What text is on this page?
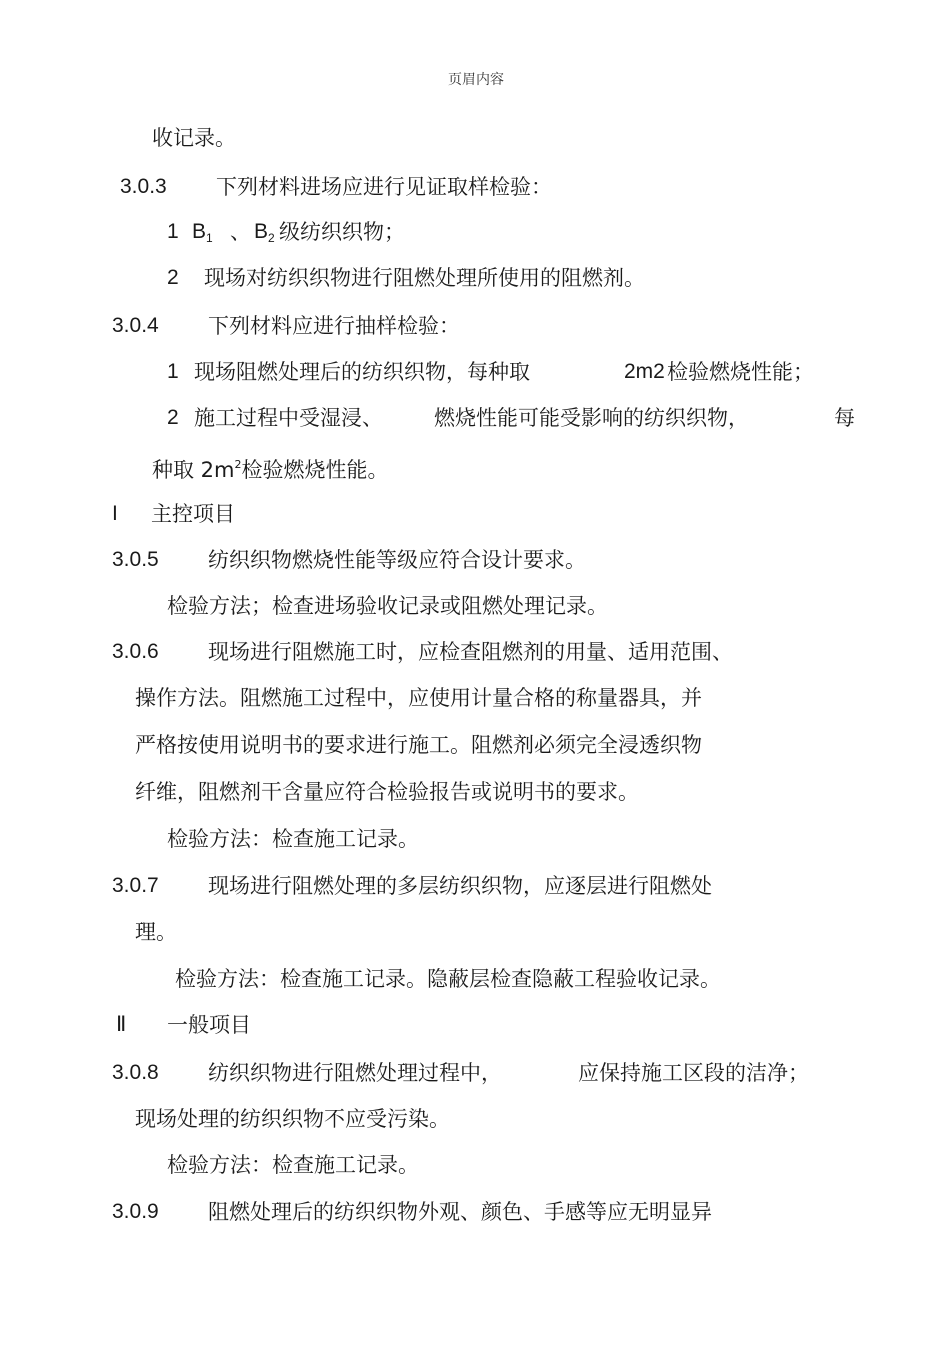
页眉内容
收记录。
3.0.3 下列材料进场应进行见证取样检验：
1 $B_1$ 、 $B_2$ 级纺织织物；
2 现场对纺织织物进行阻燃处理所使用的阻燃剂。
3.0.4 下列材料应进行抽样检验：
1 现场阻燃处理后的纺织织物，每种取	2m2 检验燃烧性能；
2 施工过程中受湿浸、 燃烧性能可能受影响的纺织织物，	每
种取 $2m^2$检验燃烧性能。
I 主控项目
3.0.5 纺织织物燃烧性能等级应符合设计要求。
检验方法；检查进场验收记录或阻燃处理记录。
3.0.6 现场进行阻燃施工时，应检查阻燃剂的用量、适用范围、
操作方法。阻燃施工过程中，应使用计量合格的称量器具，并
严格按使用说明书的要求进行施工。阻燃剂必须完全浸透织物
纤维，阻燃剂干含量应符合检验报告或说明书的要求。
检验方法：检查施工记录。
3.0.7 现场进行阻燃处理的多层纺织织物，应逐层进行阻燃处
理。
检验方法：检查施工记录。隐蔽层检查隐蔽工程验收记录。
Ⅱ 一般项目
3.0.8 纺织织物进行阻燃处理过程中，	应保持施工区段的洁净；
现场处理的纺织织物不应受污染。
检验方法：检查施工记录。
3.0.9 阻燃处理后的纺织织物外观、颜色、手感等应无明显异
